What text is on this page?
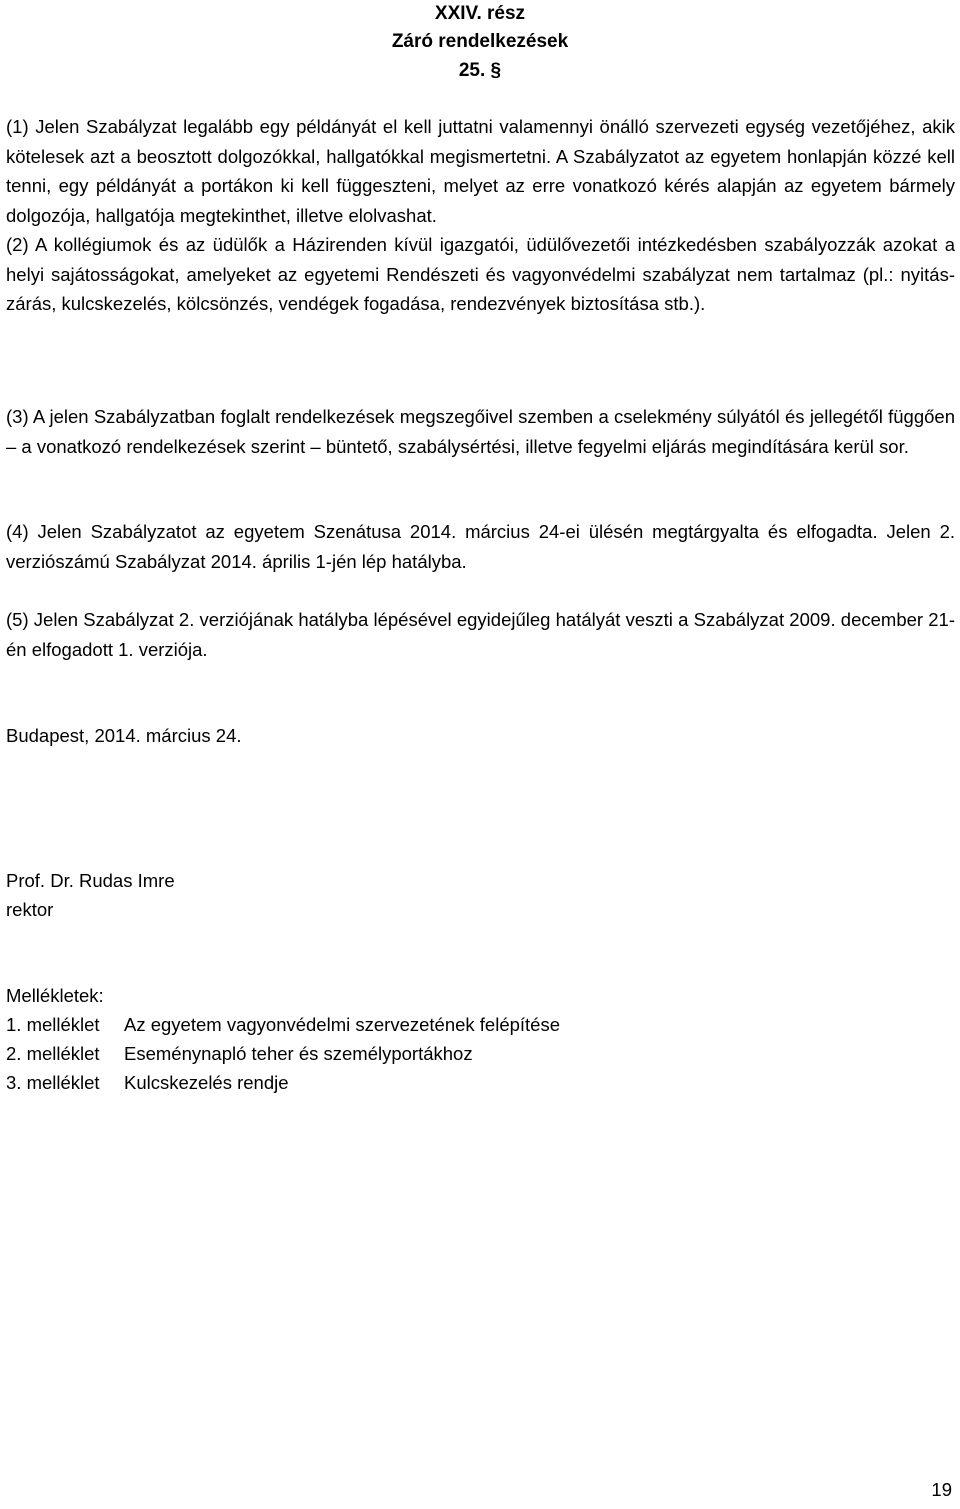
XXIV. rész
Záró rendelkezések
25. §

(1) Jelen Szabályzat legalább egy példányát el kell juttatni valamennyi önálló szervezeti egység vezetőjéhez, akik kötelesek azt a beosztott dolgozókkal, hallgatókkal megismertetni. A Szabályzatot az egyetem honlapján közzé kell tenni, egy példányát a portákon ki kell függeszteni, melyet az erre vonatkozó kérés alapján az egyetem bármely dolgozója, hallgatója megtekinthet, illetve elolvashat.

(2) A kollégiumok és az üdülők a Házirenden kívül igazgatói, üdülővezetői intézkedésben szabályozzák azokat a helyi sajátosságokat, amelyeket az egyetemi Rendészeti és vagyonvédelmi szabályzat nem tartalmaz (pl.: nyitás-zárás, kulcskezelés, kölcsönzés, vendégek fogadása, rendezvények biztosítása stb.).

(3) A jelen Szabályzatban foglalt rendelkezések megszegőivel szemben a cselekmény súlyától és jellegétől függően – a vonatkozó rendelkezések szerint – büntető, szabálysértési, illetve fegyelmi eljárás megindítására kerül sor.

(4) Jelen Szabályzatot az egyetem Szenátusa 2014. március 24-ei ülésén megtárgyalta és elfogadta. Jelen 2. verziószámú Szabályzat 2014. április 1-jén lép hatályba.

(5) Jelen Szabályzat 2. verziójának hatályba lépésével egyidejűleg hatályát veszti a Szabályzat 2009. december 21-én elfogadott 1. verziója.

Budapest, 2014. március 24.
Prof. Dr. Rudas Imre
rektor
Mellékletek:
1. melléklet Az egyetem vagyonvédelmi szervezetének felépítése
2. melléklet Eseménynapló teher és személyportákhoz
3. melléklet Kulcskezelés rendje
19
